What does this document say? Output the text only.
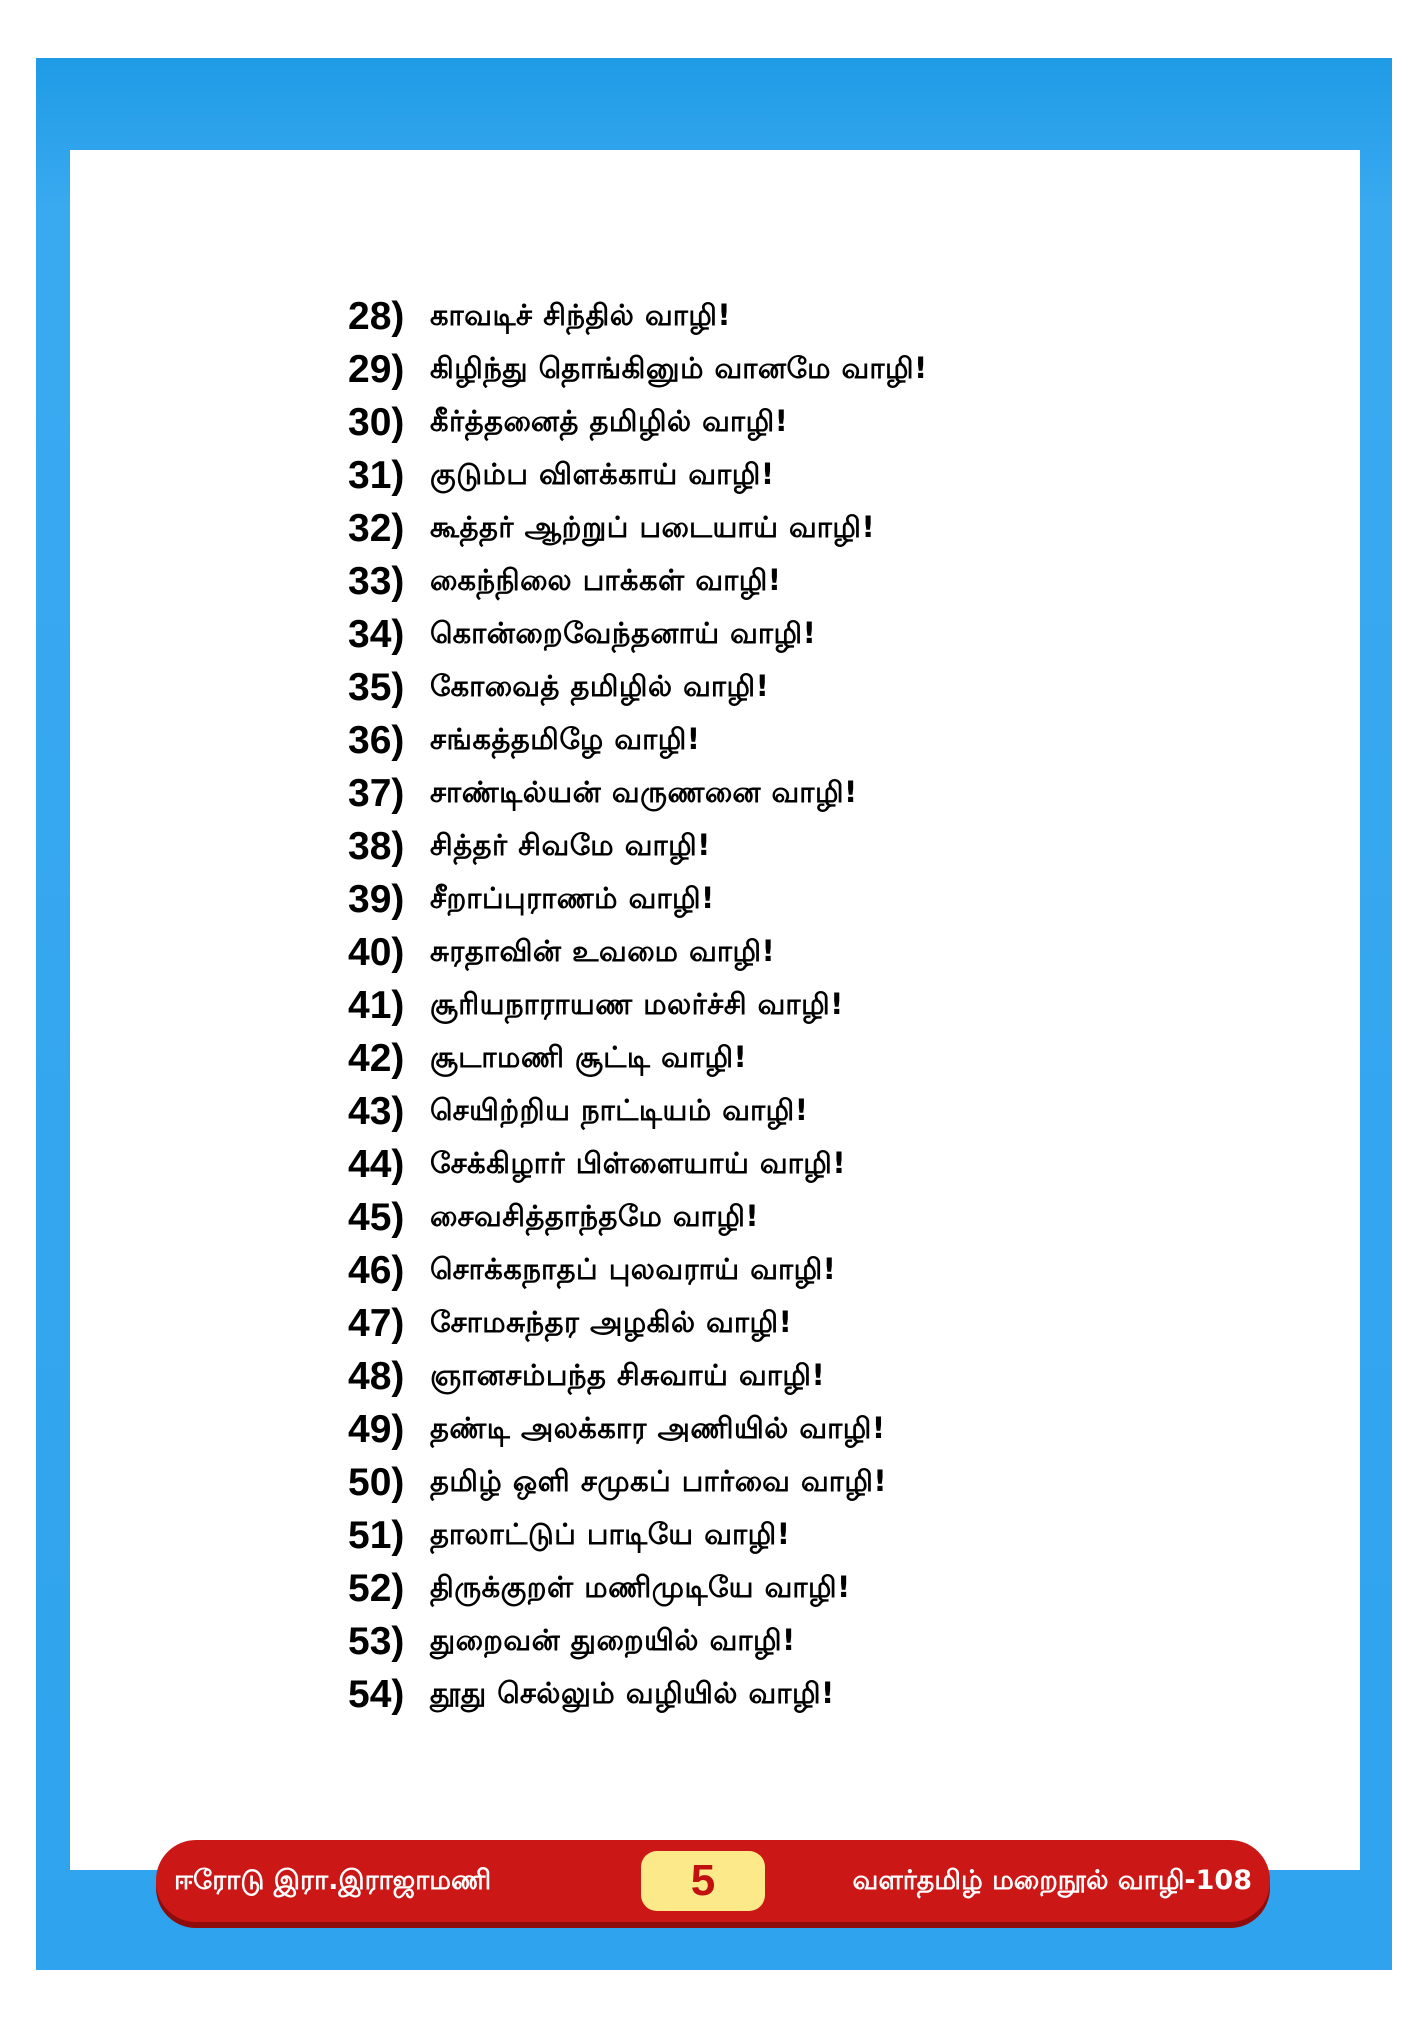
28) காவடிச் சிந்தில் வாழி!
29) கிழிந்து தொங்கினும் வானமே வாழி!
30) கீர்த்தனைத் தமிழில் வாழி!
31) குடும்ப விளக்காய் வாழி!
32) கூத்தர் ஆற்றுப் படையாய் வாழி!
33) கைந்நிலை பாக்கள் வாழி!
34) கொன்றைவேந்தனாய் வாழி!
35) கோவைத் தமிழில் வாழி!
36) சங்கத்தமிழே வாழி!
37) சாண்டில்யன் வருணனை வாழி!
38) சித்தர் சிவமே வாழி!
39) சீறாப்புராணம் வாழி!
40) சுரதாவின் உவமை வாழி!
41) சூரியநாராயண மலர்ச்சி வாழி!
42) சூடாமணி சூட்டி வாழி!
43) செயிற்றிய நாட்டியம் வாழி!
44) சேக்கிழார் பிள்ளையாய் வாழி!
45) சைவசித்தாந்தமே வாழி!
46) சொக்கநாதப் புலவராய் வாழி!
47) சோமசுந்தர அழகில் வாழி!
48) ஞானசம்பந்த சிசுவாய் வாழி!
49) தண்டி அலக்கார அணியில் வாழி!
50) தமிழ் ஒளி சமுகப் பார்வை வாழி!
51) தாலாட்டுப் பாடியே வாழி!
52) திருக்குறள் மணிமுடியே வாழி!
53) துறைவன் துறையில் வாழி!
54) தூது செல்லும் வழியில் வாழி!
ஈரோடு இரா.இராஜாமணி	5	வளர்தமிழ் மறைநூல் வாழி-108
